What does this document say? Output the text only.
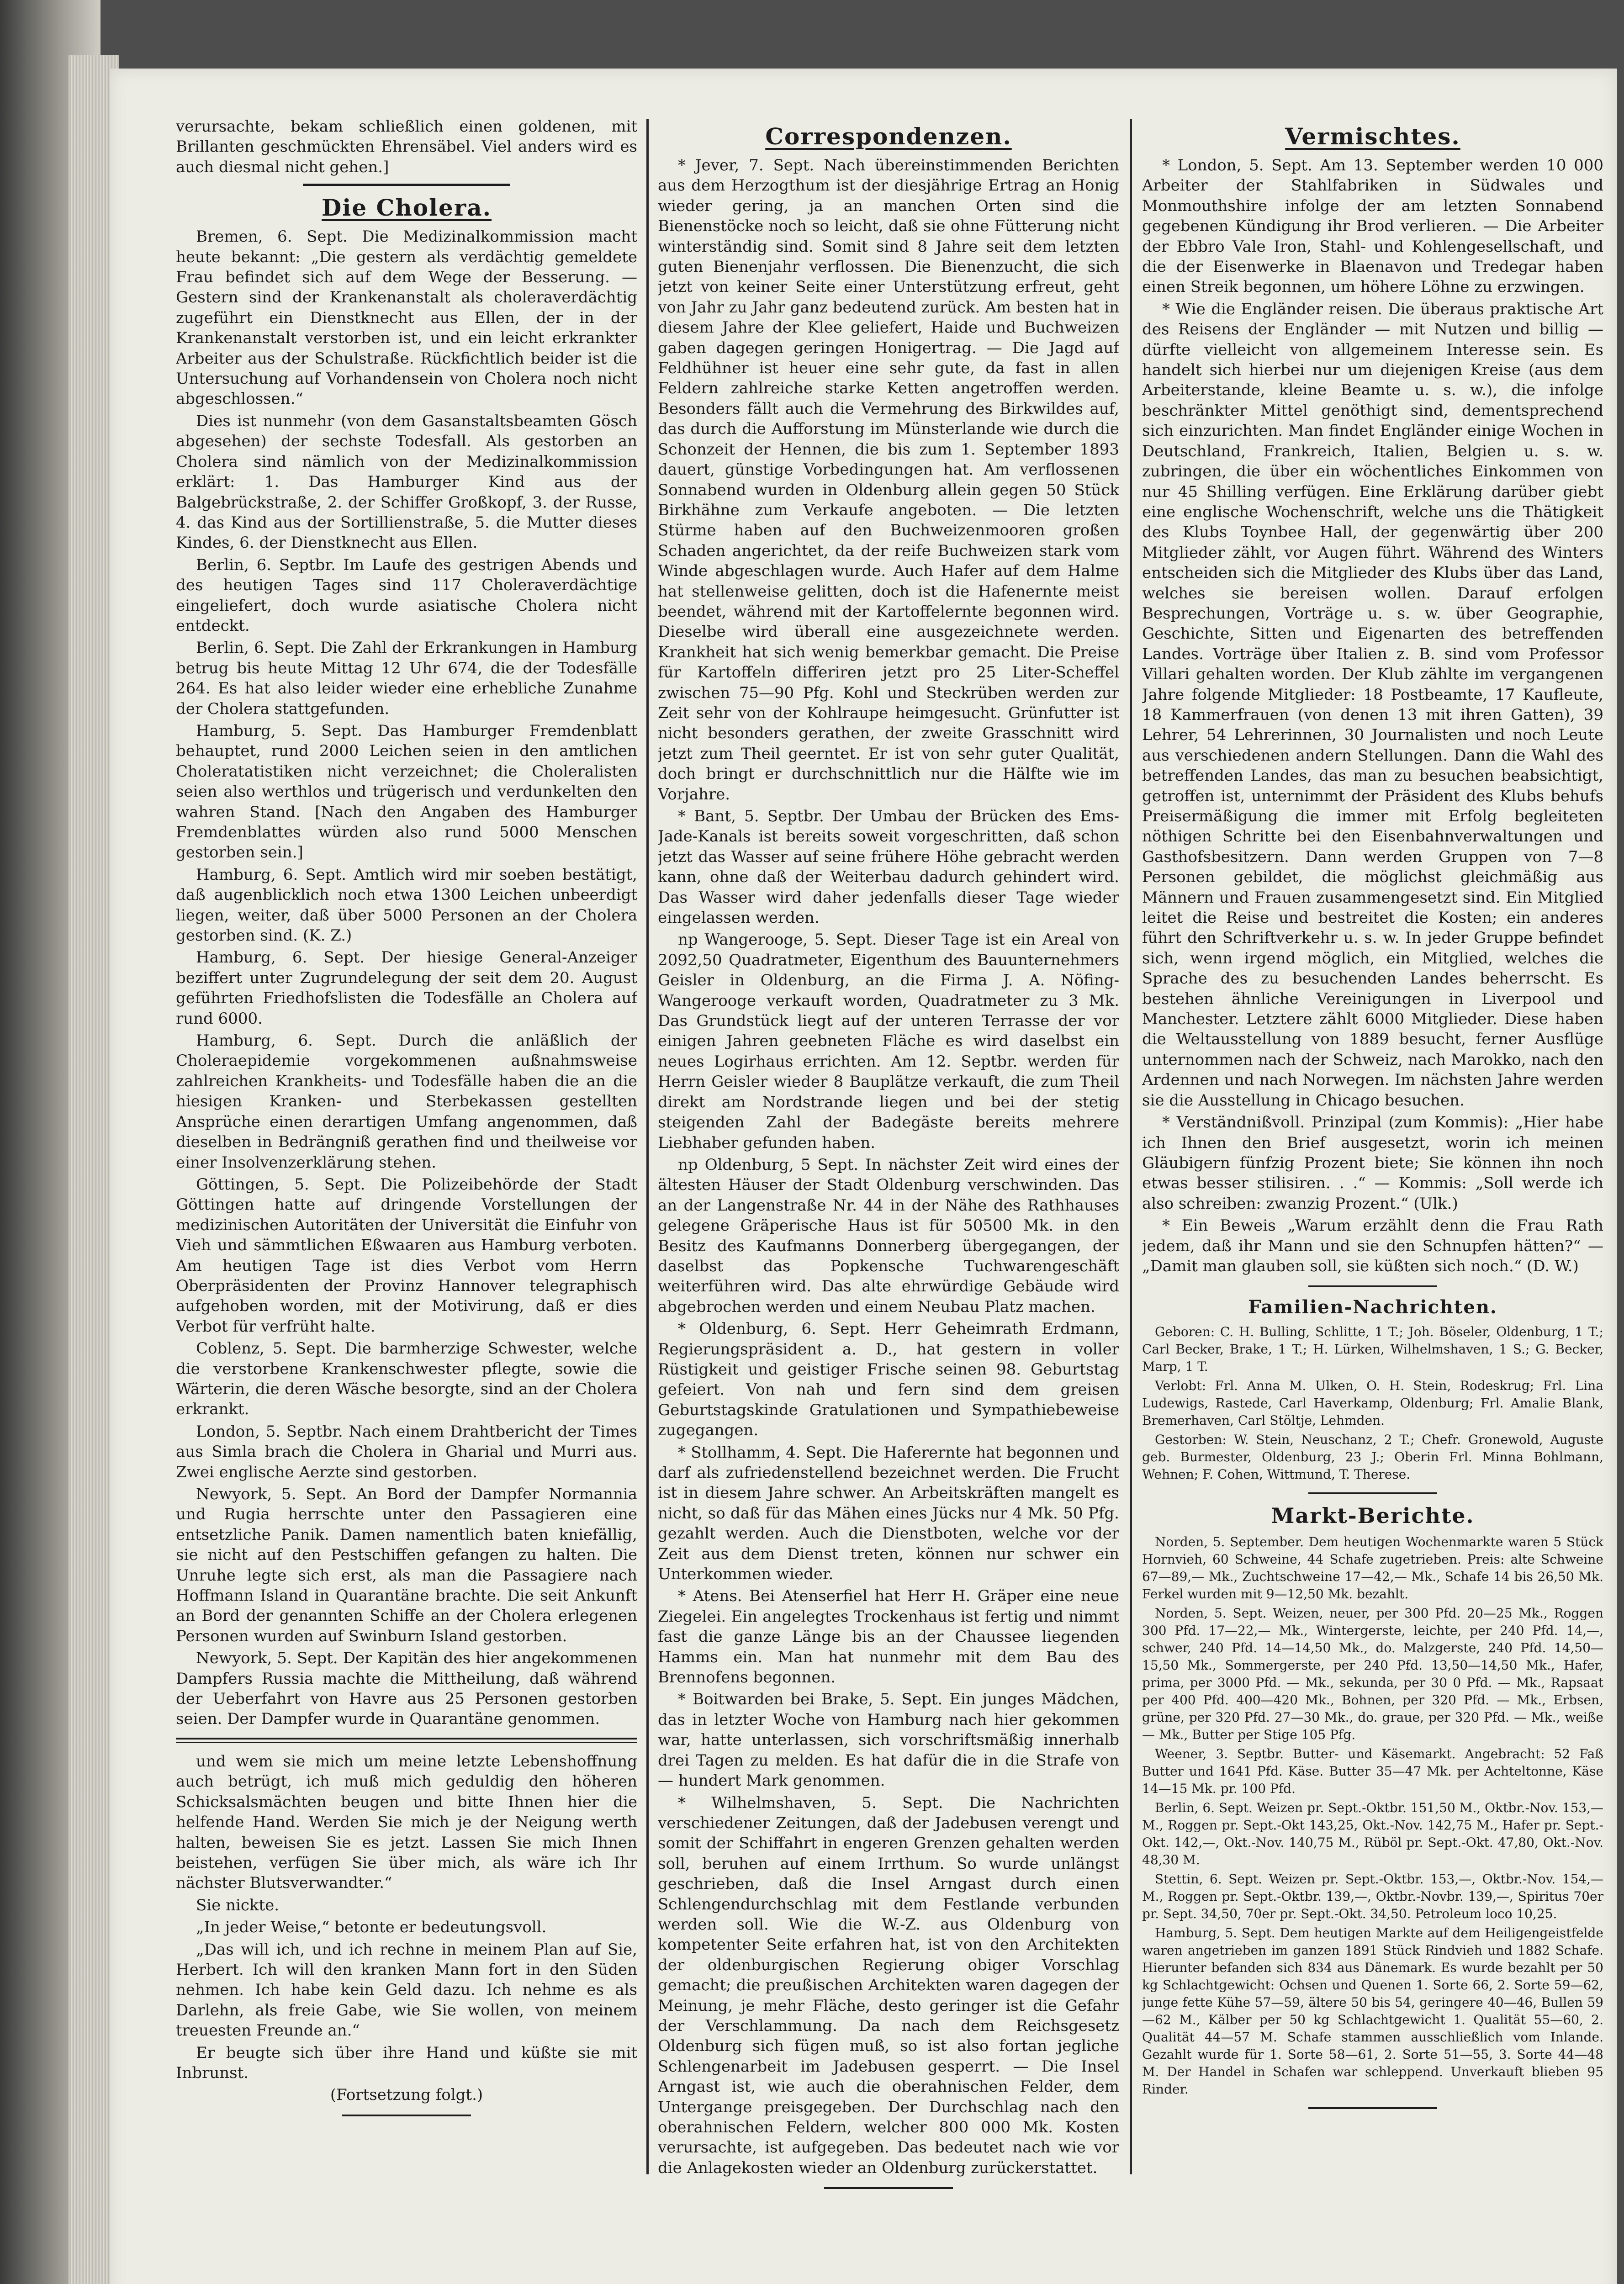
verursachte, bekam schließlich einen goldenen, mit Brillanten geschmückten Ehrensäbel. Viel anders wird es auch diesmal nicht gehen.]

Die Cholera.

Bremen, 6. Sept. Die Medizinalkommission macht heute bekannt: „Die gestern als verdächtig gemeldete Frau befindet sich auf dem Wege der Besserung. — Gestern sind der Krankenanstalt als choleraverdächtig zugeführt ein Dienstknecht aus Ellen, der in der Krankenanstalt verstorben ist, und ein leicht erkrankter Arbeiter aus der Schulstraße. Rückfichtlich beider ist die Untersuchung auf Vorhandensein von Cholera noch nicht abgeschlossen.“

Dies ist nunmehr (von dem Gasanstaltsbeamten Gösch abgesehen) der sechste Todesfall. Als gestorben an Cholera sind nämlich von der Medizinalkommission erklärt: 1. Das Hamburger Kind aus der Balgebrückstraße, 2. der Schiffer Großkopf, 3. der Russe, 4. das Kind aus der Sortillienstraße, 5. die Mutter dieses Kindes, 6. der Dienstknecht aus Ellen.

Berlin, 6. Septbr. Im Laufe des gestrigen Abends und des heutigen Tages sind 117 Choleraverdächtige eingeliefert, doch wurde asiatische Cholera nicht entdeckt.

Berlin, 6. Sept. Die Zahl der Erkrankungen in Hamburg betrug bis heute Mittag 12 Uhr 674, die der Todesfälle 264. Es hat also leider wieder eine erhebliche Zunahme der Cholera stattgefunden.

Hamburg, 5. Sept. Das Hamburger Fremdenblatt behauptet, rund 2000 Leichen seien in den amtlichen Choleratatistiken nicht verzeichnet; die Choleralisten seien also werthlos und trügerisch und verdunkelten den wahren Stand. [Nach den Angaben des Hamburger Fremdenblattes würden also rund 5000 Menschen gestorben sein.]

Hamburg, 6. Sept. Amtlich wird mir soeben bestätigt, daß augenblicklich noch etwa 1300 Leichen unbeerdigt liegen, weiter, daß über 5000 Personen an der Cholera gestorben sind. (K. Z.)

Hamburg, 6. Sept. Der hiesige General-Anzeiger beziffert unter Zugrundelegung der seit dem 20. August geführten Friedhofslisten die Todesfälle an Cholera auf rund 6000.

Hamburg, 6. Sept. Durch die anläßlich der Choleraepidemie vorgekommenen außnahmsweise zahlreichen Krankheits- und Todesfälle haben die an die hiesigen Kranken- und Sterbekassen gestellten Ansprüche einen derartigen Umfang angenommen, daß dieselben in Bedrängniß gerathen find und theilweise vor einer Insolvenzerklärung stehen.

Göttingen, 5. Sept. Die Polizeibehörde der Stadt Göttingen hatte auf dringende Vorstellungen der medizinischen Autoritäten der Universität die Einfuhr von Vieh und sämmtlichen Eßwaaren aus Hamburg verboten. Am heutigen Tage ist dies Verbot vom Herrn Oberpräsidenten der Provinz Hannover telegraphisch aufgehoben worden, mit der Motivirung, daß er dies Verbot für verfrüht halte.

Coblenz, 5. Sept. Die barmherzige Schwester, welche die verstorbene Krankenschwester pflegte, sowie die Wärterin, die deren Wäsche besorgte, sind an der Cholera erkrankt.

London, 5. Septbr. Nach einem Drahtbericht der Times aus Simla brach die Cholera in Gharial und Murri aus. Zwei englische Aerzte sind gestorben.

Newyork, 5. Sept. An Bord der Dampfer Normannia und Rugia herrschte unter den Passagieren eine entsetzliche Panik. Damen namentlich baten kniefällig, sie nicht auf den Pestschiffen gefangen zu halten. Die Unruhe legte sich erst, als man die Passagiere nach Hoffmann Island in Quarantäne brachte. Die seit Ankunft an Bord der genannten Schiffe an der Cholera erlegenen Personen wurden auf Swinburn Island gestorben.

Newyork, 5. Sept. Der Kapitän des hier angekommenen Dampfers Russia machte die Mittheilung, daß während der Ueberfahrt von Havre aus 25 Personen gestorben seien. Der Dampfer wurde in Quarantäne genommen.

und wem sie mich um meine letzte Lebenshoffnung auch betrügt, ich muß mich geduldig den höheren Schicksalsmächten beugen und bitte Ihnen hier die helfende Hand. Werden Sie mich je der Neigung werth halten, beweisen Sie es jetzt. Lassen Sie mich Ihnen beistehen, verfügen Sie über mich, als wäre ich Ihr nächster Blutsverwandter.“

Sie nickte.

„In jeder Weise,“ betonte er bedeutungsvoll.

„Das will ich, und ich rechne in meinem Plan auf Sie, Herbert. Ich will den kranken Mann fort in den Süden nehmen. Ich habe kein Geld dazu. Ich nehme es als Darlehn, als freie Gabe, wie Sie wollen, von meinem treuesten Freunde an.“

Er beugte sich über ihre Hand und küßte sie mit Inbrunst.

(Fortsetzung folgt.)

Correspondenzen.

* Jever, 7. Sept. Nach übereinstimmenden Berichten aus dem Herzogthum ist der diesjährige Ertrag an Honig wieder gering, ja an manchen Orten sind die Bienenstöcke noch so leicht, daß sie ohne Fütterung nicht winterständig sind. Somit sind 8 Jahre seit dem letzten guten Bienenjahr verflossen. Die Bienenzucht, die sich jetzt von keiner Seite einer Unterstützung erfreut, geht von Jahr zu Jahr ganz bedeutend zurück. Am besten hat in diesem Jahre der Klee geliefert, Haide und Buchweizen gaben dagegen geringen Honigertrag. — Die Jagd auf Feldhühner ist heuer eine sehr gute, da fast in allen Feldern zahlreiche starke Ketten angetroffen werden. Besonders fällt auch die Vermehrung des Birkwildes auf, das durch die Aufforstung im Münsterlande wie durch die Schonzeit der Hennen, die bis zum 1. September 1893 dauert, günstige Vorbedingungen hat. Am verflossenen Sonnabend wurden in Oldenburg allein gegen 50 Stück Birkhähne zum Verkaufe angeboten. — Die letzten Stürme haben auf den Buchweizenmooren großen Schaden angerichtet, da der reife Buchweizen stark vom Winde abgeschlagen wurde. Auch Hafer auf dem Halme hat stellenweise gelitten, doch ist die Hafenernte meist beendet, während mit der Kartoffelernte begonnen wird. Dieselbe wird überall eine ausgezeichnete werden. Krankheit hat sich wenig bemerkbar gemacht. Die Preise für Kartoffeln differiren jetzt pro 25 Liter-Scheffel zwischen 75—90 Pfg. Kohl und Steckrüben werden zur Zeit sehr von der Kohlraupe heimgesucht. Grünfutter ist nicht besonders gerathen, der zweite Grasschnitt wird jetzt zum Theil geerntet. Er ist von sehr guter Qualität, doch bringt er durchschnittlich nur die Hälfte wie im Vorjahre.

* Bant, 5. Septbr. Der Umbau der Brücken des Ems-Jade-Kanals ist bereits soweit vorgeschritten, daß schon jetzt das Wasser auf seine frühere Höhe gebracht werden kann, ohne daß der Weiterbau dadurch gehindert wird. Das Wasser wird daher jedenfalls dieser Tage wieder eingelassen werden.

np Wangerooge, 5. Sept. Dieser Tage ist ein Areal von 2092,50 Quadratmeter, Eigenthum des Bauunternehmers Geisler in Oldenburg, an die Firma J. A. Nöfing-Wangerooge verkauft worden, Quadratmeter zu 3 Mk. Das Grundstück liegt auf der unteren Terrasse der vor einigen Jahren geebneten Fläche es wird daselbst ein neues Logirhaus errichten. Am 12. Septbr. werden für Herrn Geisler wieder 8 Bauplätze verkauft, die zum Theil direkt am Nordstrande liegen und bei der stetig steigenden Zahl der Badegäste bereits mehrere Liebhaber gefunden haben.

np Oldenburg, 5 Sept. In nächster Zeit wird eines der ältesten Häuser der Stadt Oldenburg verschwinden. Das an der Langenstraße Nr. 44 in der Nähe des Rathhauses gelegene Gräperische Haus ist für 50500 Mk. in den Besitz des Kaufmanns Donnerberg übergegangen, der daselbst das Popkensche Tuchwarengeschäft weiterführen wird. Das alte ehrwürdige Gebäude wird abgebrochen werden und einem Neubau Platz machen.

* Oldenburg, 6. Sept. Herr Geheimrath Erdmann, Regierungspräsident a. D., hat gestern in voller Rüstigkeit und geistiger Frische seinen 98. Geburtstag gefeiert. Von nah und fern sind dem greisen Geburtstagskinde Gratulationen und Sympathiebeweise zugegangen.

* Stollhamm, 4. Sept. Die Haferernte hat begonnen und darf als zufriedenstellend bezeichnet werden. Die Frucht ist in diesem Jahre schwer. An Arbeitskräften mangelt es nicht, so daß für das Mähen eines Jücks nur 4 Mk. 50 Pfg. gezahlt werden. Auch die Dienstboten, welche vor der Zeit aus dem Dienst treten, können nur schwer ein Unterkommen wieder.

* Atens. Bei Atenserfiel hat Herr H. Gräper eine neue Ziegelei. Ein angelegtes Trockenhaus ist fertig und nimmt fast die ganze Länge bis an der Chaussee liegenden Hamms ein. Man hat nunmehr mit dem Bau des Brennofens begonnen.

* Boitwarden bei Brake, 5. Sept. Ein junges Mädchen, das in letzter Woche von Hamburg nach hier gekommen war, hatte unterlassen, sich vorschriftsmäßig innerhalb drei Tagen zu melden. Es hat dafür die in die Strafe von — hundert Mark genommen.

* Wilhelmshaven, 5. Sept. Die Nachrichten verschiedener Zeitungen, daß der Jadebusen verengt und somit der Schiffahrt in engeren Grenzen gehalten werden soll, beruhen auf einem Irrthum. So wurde unlängst geschrieben, daß die Insel Arngast durch einen Schlengendurchschlag mit dem Festlande verbunden werden soll. Wie die W.-Z. aus Oldenburg von kompetenter Seite erfahren hat, ist von den Architekten der oldenburgischen Regierung obiger Vorschlag gemacht; die preußischen Architekten waren dagegen der Meinung, je mehr Fläche, desto geringer ist die Gefahr der Verschlammung. Da nach dem Reichsgesetz Oldenburg sich fügen muß, so ist also fortan jegliche Schlengenarbeit im Jadebusen gesperrt. — Die Insel Arngast ist, wie auch die oberahnischen Felder, dem Untergange preisgegeben. Der Durchschlag nach den oberahnischen Feldern, welcher 800 000 Mk. Kosten verursachte, ist aufgegeben. Das bedeutet nach wie vor die Anlagekosten wieder an Oldenburg zurückerstattet.

Vermischtes.

* London, 5. Sept. Am 13. September werden 10 000 Arbeiter der Stahlfabriken in Südwales und Monmouthshire infolge der am letzten Sonnabend gegebenen Kündigung ihr Brod verlieren. — Die Arbeiter der Ebbro Vale Iron, Stahl- und Kohlengesellschaft, und die der Eisenwerke in Blaenavon und Tredegar haben einen Streik begonnen, um höhere Löhne zu erzwingen.

* Wie die Engländer reisen. Die überaus praktische Art des Reisens der Engländer — mit Nutzen und billig — dürfte vielleicht von allgemeinem Interesse sein. Es handelt sich hierbei nur um diejenigen Kreise (aus dem Arbeiterstande, kleine Beamte u. s. w.), die infolge beschränkter Mittel genöthigt sind, dementsprechend sich einzurichten. Man findet Engländer einige Wochen in Deutschland, Frankreich, Italien, Belgien u. s. w. zubringen, die über ein wöchentliches Einkommen von nur 45 Shilling verfügen. Eine Erklärung darüber giebt eine englische Wochenschrift, welche uns die Thätigkeit des Klubs Toynbee Hall, der gegenwärtig über 200 Mitglieder zählt, vor Augen führt. Während des Winters entscheiden sich die Mitglieder des Klubs über das Land, welches sie bereisen wollen. Darauf erfolgen Besprechungen, Vorträge u. s. w. über Geographie, Geschichte, Sitten und Eigenarten des betreffenden Landes. Vorträge über Italien z. B. sind vom Professor Villari gehalten worden. Der Klub zählte im vergangenen Jahre folgende Mitglieder: 18 Postbeamte, 17 Kaufleute, 18 Kammerfrauen (von denen 13 mit ihren Gatten), 39 Lehrer, 54 Lehrerinnen, 30 Journalisten und noch Leute aus verschiedenen andern Stellungen. Dann die Wahl des betreffenden Landes, das man zu besuchen beabsichtigt, getroffen ist, unternimmt der Präsident des Klubs behufs Preisermäßigung die immer mit Erfolg begleiteten nöthigen Schritte bei den Eisenbahnverwaltungen und Gasthofsbesitzern. Dann werden Gruppen von 7—8 Personen gebildet, die möglichst gleichmäßig aus Männern und Frauen zusammengesetzt sind. Ein Mitglied leitet die Reise und bestreitet die Kosten; ein anderes führt den Schriftverkehr u. s. w. In jeder Gruppe befindet sich, wenn irgend möglich, ein Mitglied, welches die Sprache des zu besuchenden Landes beherrscht. Es bestehen ähnliche Vereinigungen in Liverpool und Manchester. Letztere zählt 6000 Mitglieder. Diese haben die Weltausstellung von 1889 besucht, ferner Ausflüge unternommen nach der Schweiz, nach Marokko, nach den Ardennen und nach Norwegen. Im nächsten Jahre werden sie die Ausstellung in Chicago besuchen.

* Verständnißvoll. Prinzipal (zum Kommis): „Hier habe ich Ihnen den Brief ausgesetzt, worin ich meinen Gläubigern fünfzig Prozent biete; Sie können ihn noch etwas besser stilisiren. . .“ — Kommis: „Soll werde ich also schreiben: zwanzig Prozent.“ (Ulk.)

* Ein Beweis „Warum erzählt denn die Frau Rath jedem, daß ihr Mann und sie den Schnupfen hätten?“ — „Damit man glauben soll, sie küßten sich noch.“ (D. W.)

Familien-Nachrichten.

Geboren: C. H. Bulling, Schlitte, 1 T.; Joh. Böseler, Oldenburg, 1 T.; Carl Becker, Brake, 1 T.; H. Lürken, Wilhelmshaven, 1 S.; G. Becker, Marp, 1 T.

Verlobt: Frl. Anna M. Ulken, O. H. Stein, Rodeskrug; Frl. Lina Ludewigs, Rastede, Carl Haverkamp, Oldenburg; Frl. Amalie Blank, Bremerhaven, Carl Stöltje, Lehmden.

Gestorben: W. Stein, Neuschanz, 2 T.; Chefr. Gronewold, Auguste geb. Burmester, Oldenburg, 23 J.; Oberin Frl. Minna Bohlmann, Wehnen; F. Cohen, Wittmund, T. Therese.

Markt-Berichte.

Norden, 5. September. Dem heutigen Wochenmarkte waren 5 Stück Hornvieh, 60 Schweine, 44 Schafe zugetrieben. Preis: alte Schweine 67—89,— Mk., Zuchtschweine 17—42,— Mk., Schafe 14 bis 26,50 Mk. Ferkel wurden mit 9—12,50 Mk. bezahlt.

Norden, 5. Sept. Weizen, neuer, per 300 Pfd. 20—25 Mk., Roggen 300 Pfd. 17—22,— Mk., Wintergerste, leichte, per 240 Pfd. 14,—, schwer, 240 Pfd. 14—14,50 Mk., do. Malzgerste, 240 Pfd. 14,50—15,50 Mk., Sommergerste, per 240 Pfd. 13,50—14,50 Mk., Hafer, prima, per 3000 Pfd. — Mk., sekunda, per 30 0 Pfd. — Mk., Rapsaat per 400 Pfd. 400—420 Mk., Bohnen, per 320 Pfd. — Mk., Erbsen, grüne, per 320 Pfd. 27—30 Mk., do. graue, per 320 Pfd. — Mk., weiße — Mk., Butter per Stige 105 Pfg.

Weener, 3. Septbr. Butter- und Käsemarkt. Angebracht: 52 Faß Butter und 1641 Pfd. Käse. Butter 35—47 Mk. per Achteltonne, Käse 14—15 Mk. pr. 100 Pfd.

Berlin, 6. Sept. Weizen pr. Sept.-Oktbr. 151,50 M., Oktbr.-Nov. 153,— M., Roggen pr. Sept.-Okt 143,25, Okt.-Nov. 142,75 M., Hafer pr. Sept.-Okt. 142,—, Okt.-Nov. 140,75 M., Rüböl pr. Sept.-Okt. 47,80, Okt.-Nov. 48,30 M.

Stettin, 6. Sept. Weizen pr. Sept.-Oktbr. 153,—, Oktbr.-Nov. 154,— M., Roggen pr. Sept.-Oktbr. 139,—, Oktbr.-Novbr. 139,—, Spiritus 70er pr. Sept. 34,50, 70er pr. Sept.-Okt. 34,50. Petroleum loco 10,25.

Hamburg, 5. Sept. Dem heutigen Markte auf dem Heiligengeistfelde waren angetrieben im ganzen 1891 Stück Rindvieh und 1882 Schafe. Hierunter befanden sich 834 aus Dänemark. Es wurde bezahlt per 50 kg Schlachtgewicht: Ochsen und Quenen 1. Sorte 66, 2. Sorte 59—62, junge fette Kühe 57—59, ältere 50 bis 54, geringere 40—46, Bullen 59—62 M., Kälber per 50 kg Schlachtgewicht 1. Qualität 55—60, 2. Qualität 44—57 M. Schafe stammen ausschließlich vom Inlande. Gezahlt wurde für 1. Sorte 58—61, 2. Sorte 51—55, 3. Sorte 44—48 M. Der Handel in Schafen war schleppend. Unverkauft blieben 95 Rinder.
